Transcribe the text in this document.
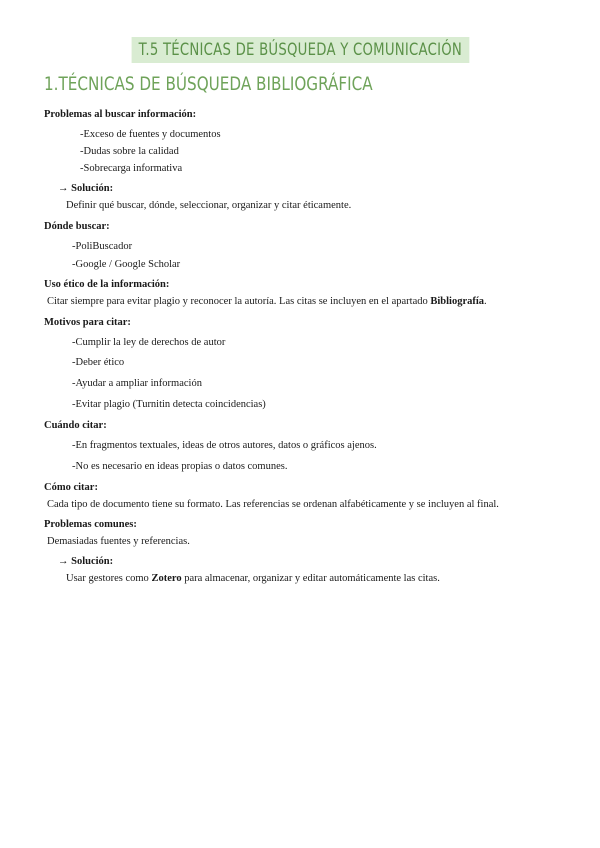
T.5 TÉCNICAS DE BÚSQUEDA Y COMUNICACIÓN
1.TÉCNICAS DE BÚSQUEDA BIBLIOGRÁFICA
Problemas al buscar información:
-Exceso de fuentes y documentos
-Dudas sobre la calidad
-Sobrecarga informativa
→ Solución:
Definir qué buscar, dónde, seleccionar, organizar y citar éticamente.
Dónde buscar:
-PoliBuscador
-Google / Google Scholar
Uso ético de la información:
Citar siempre para evitar plagio y reconocer la autoría. Las citas se incluyen en el apartado Bibliografía.
Motivos para citar:
-Cumplir la ley de derechos de autor
-Deber ético
-Ayudar a ampliar información
-Evitar plagio (Turnitin detecta coincidencias)
Cuándo citar:
-En fragmentos textuales, ideas de otros autores, datos o gráficos ajenos.
-No es necesario en ideas propias o datos comunes.
Cómo citar:
Cada tipo de documento tiene su formato. Las referencias se ordenan alfabéticamente y se incluyen al final.
Problemas comunes:
Demasiadas fuentes y referencias.
→ Solución:
Usar gestores como Zotero para almacenar, organizar y editar automáticamente las citas.
